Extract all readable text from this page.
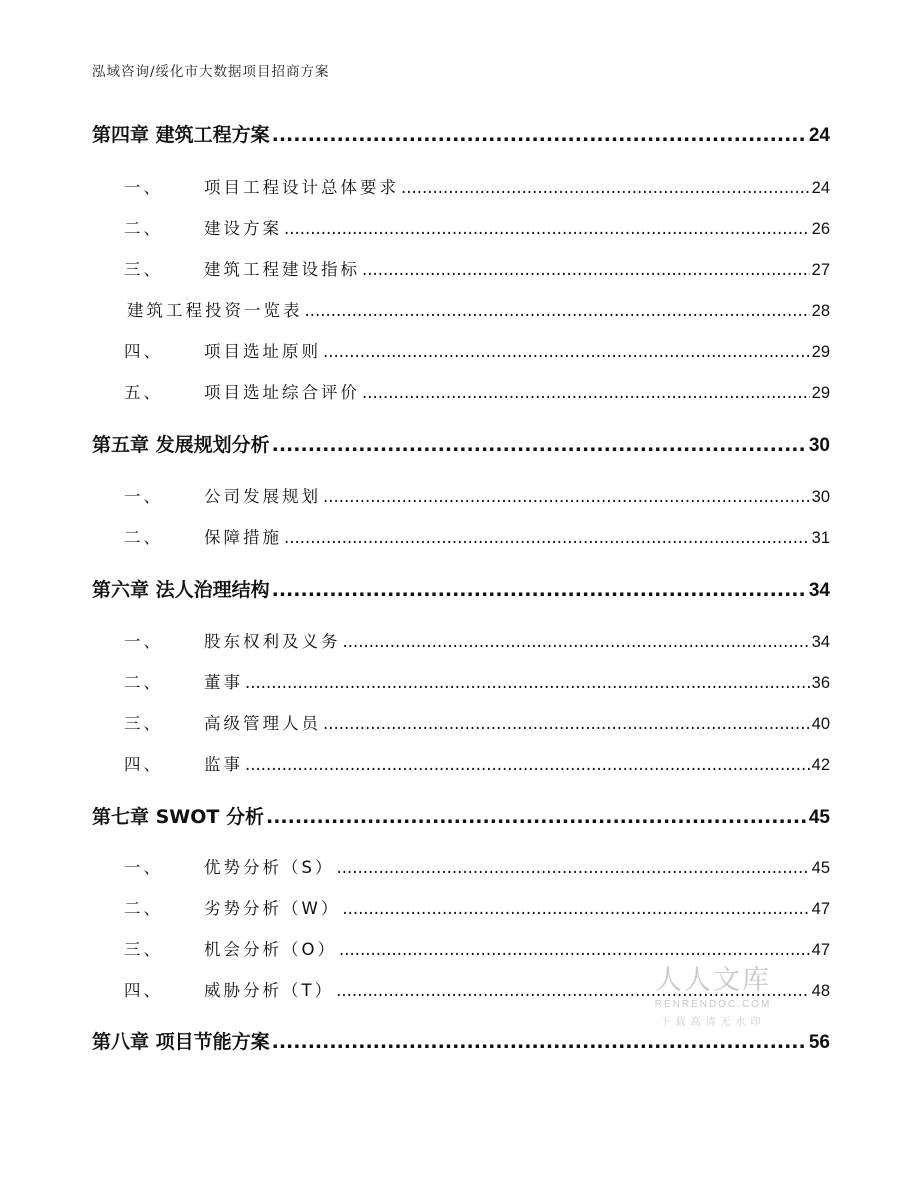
泓域咨询/绥化市大数据项目招商方案
第四章 建筑工程方案 .....	24
一、	项目工程设计总体要求 .....	24
二、	建设方案 .....	26
三、	建筑工程建设指标 .....	27
建筑工程投资一览表 .....	28
四、	项目选址原则 .....	29
五、	项目选址综合评价 .....	29
第五章 发展规划分析 .....	30
一、	公司发展规划 .....	30
二、	保障措施 .....	31
第六章 法人治理结构 .....	34
一、	股东权利及义务 .....	34
二、	董事 .....	36
三、	高级管理人员 .....	40
四、	监事 .....	42
第七章 SWOT 分析 .....	45
一、	优势分析（S） .....	45
二、	劣势分析（W） .....	47
三、	机会分析（O） .....	47
四、	威胁分析（T） .....	48
第八章 项目节能方案 .....	56
人人文库
RENRENDOC.COM
下载高清无水印
